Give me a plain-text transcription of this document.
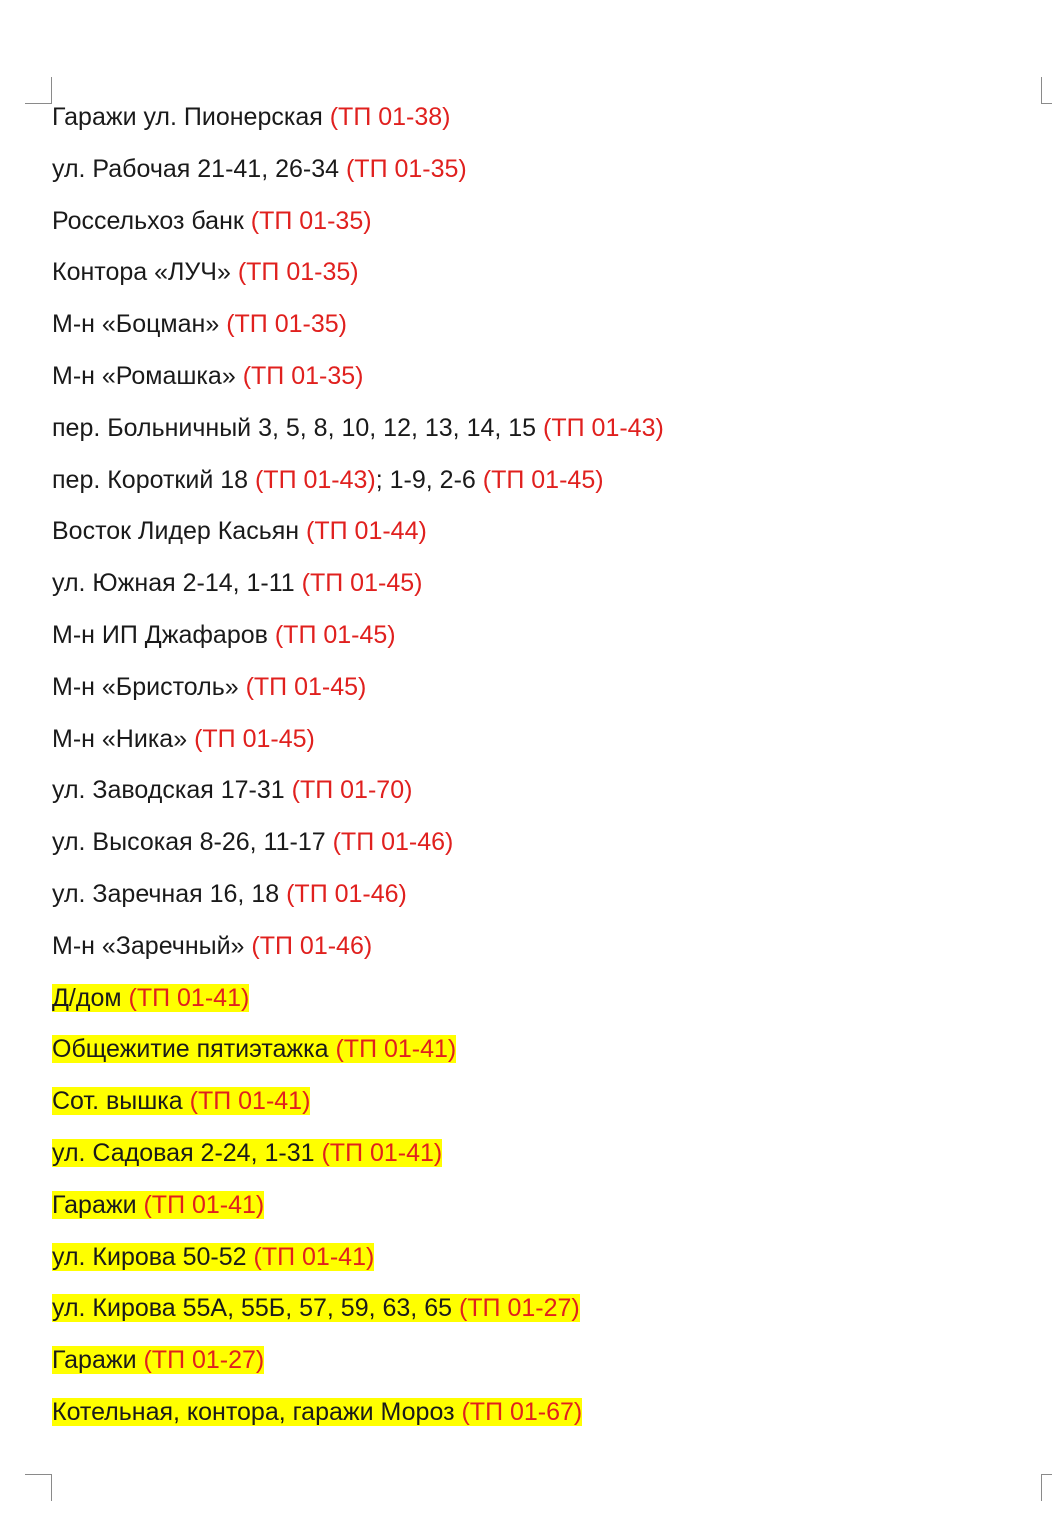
Гаражи ул. Пионерская (ТП 01-38)
ул. Рабочая 21-41, 26-34 (ТП 01-35)
Россельхоз банк (ТП 01-35)
Контора «ЛУЧ» (ТП 01-35)
М-н «Боцман» (ТП 01-35)
М-н «Ромашка» (ТП 01-35)
пер. Больничный 3, 5, 8, 10, 12, 13, 14, 15 (ТП 01-43)
пер. Короткий 18 (ТП 01-43); 1-9, 2-6 (ТП 01-45)
Восток Лидер Касьян (ТП 01-44)
ул. Южная 2-14, 1-11 (ТП 01-45)
М-н ИП Джафаров (ТП 01-45)
М-н «Бристоль» (ТП 01-45)
М-н «Ника» (ТП 01-45)
ул. Заводская 17-31 (ТП 01-70)
ул. Высокая 8-26, 11-17 (ТП 01-46)
ул. Заречная 16, 18 (ТП 01-46)
М-н «Заречный» (ТП 01-46)
Д/дом (ТП 01-41)
Общежитие пятиэтажка (ТП 01-41)
Сот. вышка (ТП 01-41)
ул. Садовая 2-24, 1-31 (ТП 01-41)
Гаражи (ТП 01-41)
ул. Кирова 50-52 (ТП 01-41)
ул. Кирова 55А, 55Б, 57, 59, 63, 65 (ТП 01-27)
Гаражи (ТП 01-27)
Котельная, контора, гаражи Мороз (ТП 01-67)
